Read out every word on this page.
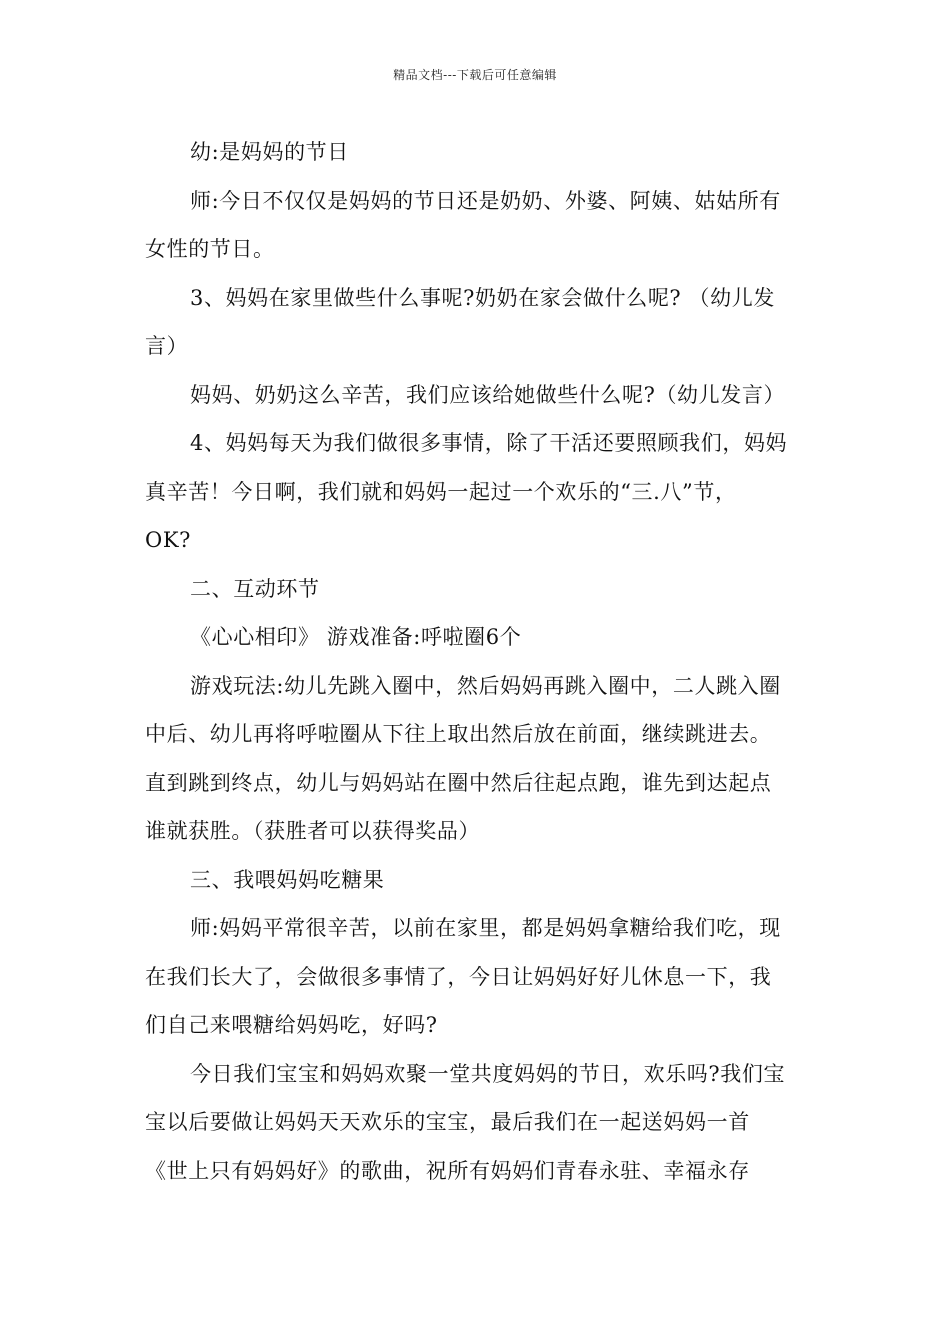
精品文档---下载后可任意编辑
幼:是妈妈的节日
师:今日不仅仅是妈妈的节日还是奶奶、外婆、阿姨、姑姑所有
女性的节日。
3、妈妈在家里做些什么事呢?奶奶在家会做什么呢? （幼儿发
言）
妈妈、奶奶这么辛苦，我们应该给她做些什么呢?（幼儿发言）
4、妈妈每天为我们做很多事情，除了干活还要照顾我们，妈妈
真辛苦！今日啊，我们就和妈妈一起过一个欢乐的“三.八”节，
OK?
二、互动环节
《心心相印》 游戏准备:呼啦圈6个
游戏玩法:幼儿先跳入圈中，然后妈妈再跳入圈中，二人跳入圈
中后、幼儿再将呼啦圈从下往上取出然后放在前面，继续跳进去。
直到跳到终点，幼儿与妈妈站在圈中然后往起点跑，谁先到达起点
谁就获胜。（获胜者可以获得奖品）
三、我喂妈妈吃糖果
师:妈妈平常很辛苦，以前在家里，都是妈妈拿糖给我们吃，现
在我们长大了，会做很多事情了，今日让妈妈好好儿休息一下，我
们自己来喂糖给妈妈吃，好吗?
今日我们宝宝和妈妈欢聚一堂共度妈妈的节日，欢乐吗?我们宝
宝以后要做让妈妈天天欢乐的宝宝，最后我们在一起送妈妈一首
《世上只有妈妈好》的歌曲，祝所有妈妈们青春永驻、幸福永存
